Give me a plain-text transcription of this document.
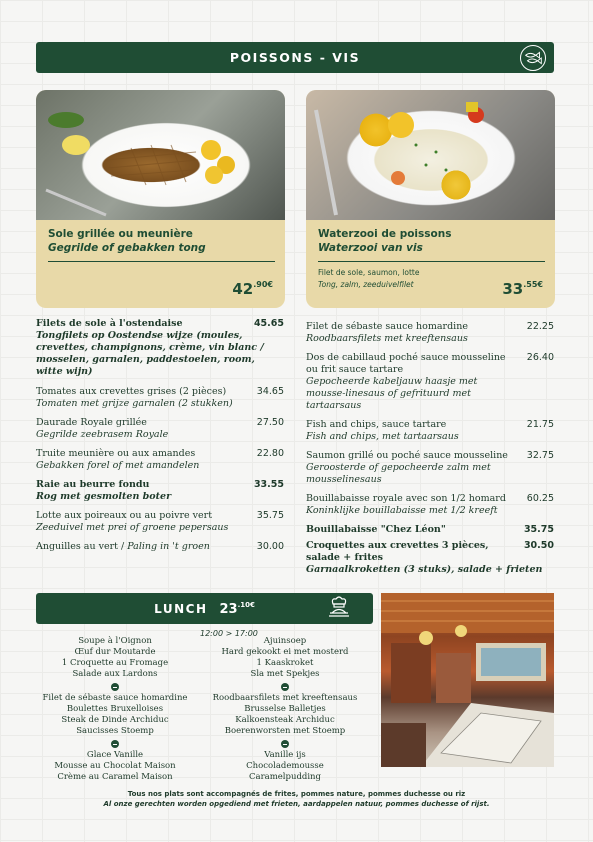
POISSONS - VIS
Sole grillée ou meunière
Gegrilde of gebakken tong
$42^{.90€}$
Waterzooi de poissons
Waterzooi van vis
Filet de sole, saumon, lotte
Tong, zalm, zeeduivelfilet	$33^{.55€}$
Filets de sole à l'ostendaise
Tongfilets op Oostendse wijze (moules, crevettes, champignons, crème, vin blanc / mosselen, garnalen, paddestoelen, room, witte wijn)
45.65
Tomates aux crevettes grises (2 pièces)
Tomaten met grijze garnalen (2 stukken)
34.65
Daurade Royale grillée
Gegrilde zeebrasem Royale
27.50
Truite meunière ou aux amandes
Gebakken forel of met amandelen
22.80
Raie au beurre fondu
Rog met gesmolten boter
33.55
Lotte aux poireaux ou au poivre vert
Zeeduivel met prei of groene pepersaus
35.75
Anguilles au vert / Paling in 't groen	30.00
Filet de sébaste sauce homardine
Roodbaarsfilets met kreeftensaus
22.25
Dos de cabillaud poché sauce mousseline ou frit sauce tartare
Gepocheerde kabeljauw haasje met mousse-linesaus of gefrituurd met tartaarsaus
26.40
Fish and chips, sauce tartare
Fish and chips, met tartaarsaus
21.75
Saumon grillé ou poché sauce mousseline
Geroosterde of gepocheerde zalm met mousselinesaus
32.75
Bouillabaisse royale avec son 1/2 homard
Koninklijke bouillabaisse met 1/2 kreeft
60.25
Bouillabaisse "Chez Léon"	35.75
Croquettes aux crevettes 3 pièces, salade + frites
Garnaalkroketten (3 stuks), salade + frieten
30.50
LUNCH $23^{.10€}$
12:00 > 17:00
Soupe à l'Oignon
Œuf dur Moutarde
1 Croquette au Fromage
Salade aux Lardons
Filet de sébaste sauce homardine
Boulettes Bruxelloises
Steak de Dinde Archiduc
Saucisses Stoemp
Glace Vanille
Mousse au Chocolat Maison
Crème au Caramel Maison
Ajuinsoep
Hard gekookt ei met mosterd
1 Kaaskroket
Sla met Spekjes
Roodbaarsfilets met kreeftensaus
Brusselse Balletjes
Kalkoensteak Archiduc
Boerenworsten met Stoemp
Vanille ijs
Chocolademousse
Caramelpudding
Tous nos plats sont accompagnés de frites, pommes nature, pommes duchesse ou riz
Al onze gerechten worden opgediend met frieten, aardappelen natuur, pommes duchesse of rijst.
